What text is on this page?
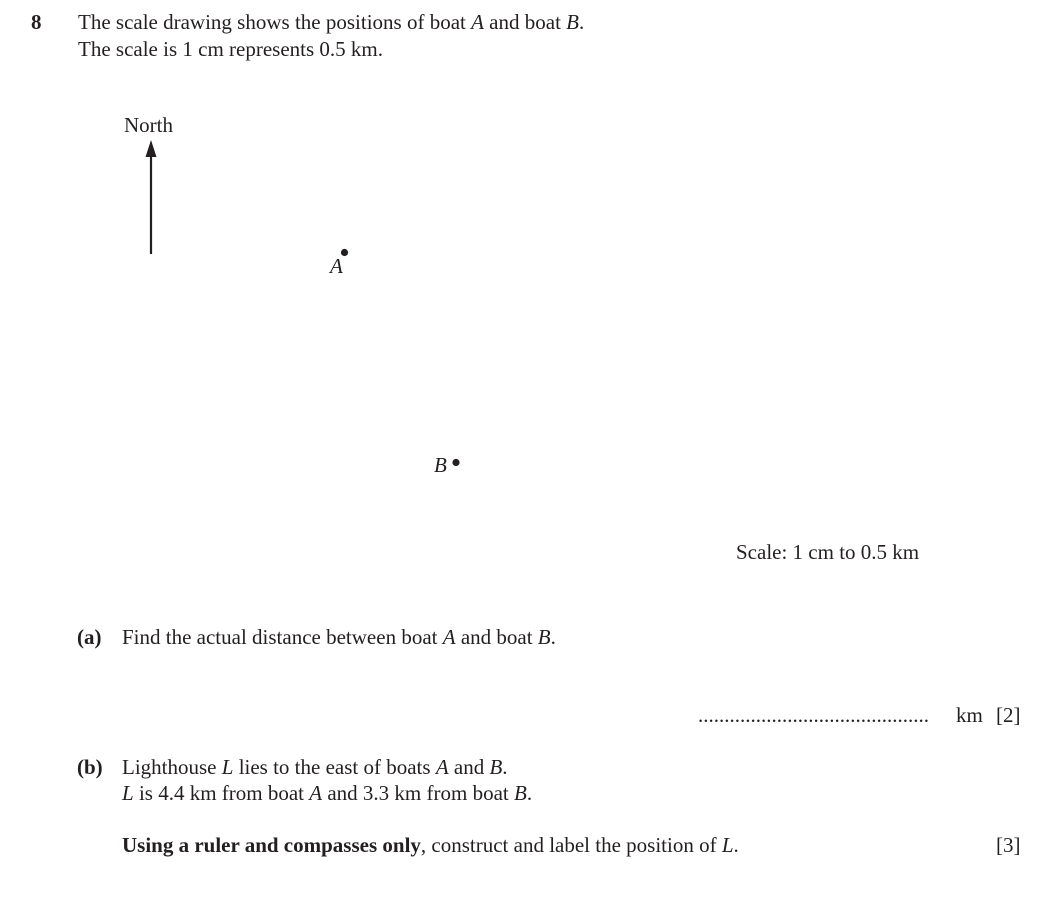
8 The scale drawing shows the positions of boat A and boat B.
The scale is 1 cm represents 0.5 km.
North
A
B
Scale: 1 cm to 0.5 km
(a) Find the actual distance between boat A and boat B.
............................................ km [2]
(b) Lighthouse L lies to the east of boats A and B.
L is 4.4 km from boat A and 3.3 km from boat B.
Using a ruler and compasses only, construct and label the position of L.	[3]
